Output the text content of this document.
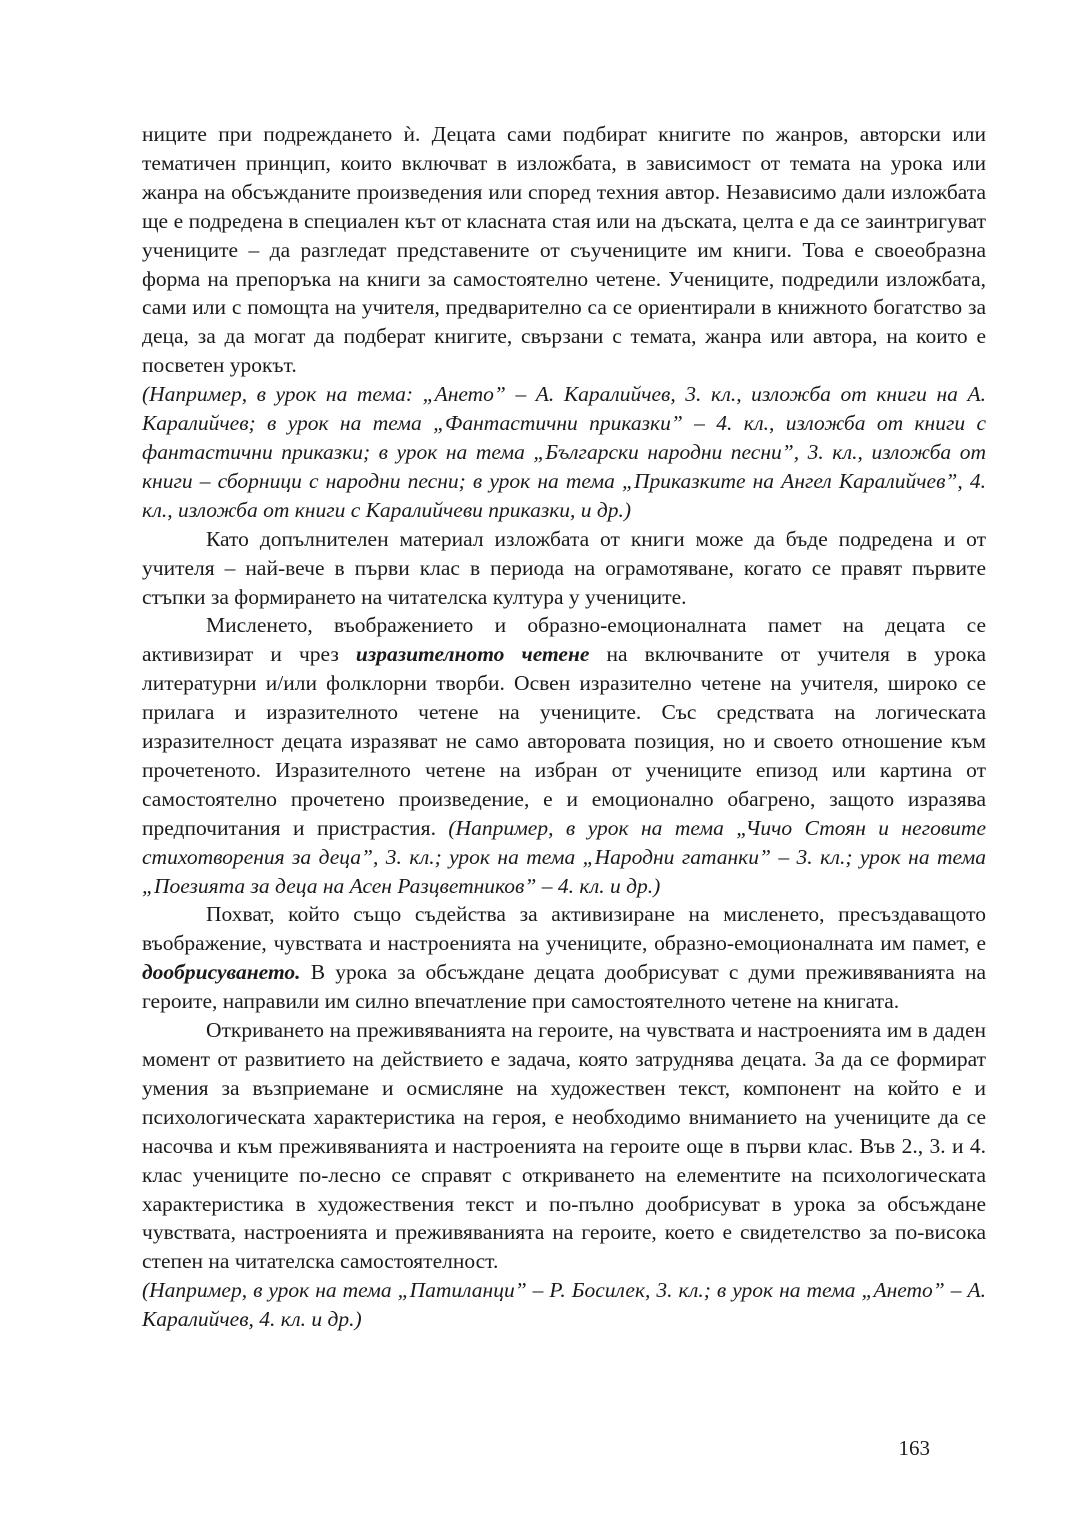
ниците при подреждането ѝ. Децата сами подбират книгите по жанров, авторски или тематичен принцип, които включват в изложбата, в зависимост от темата на урока или жанра на обсъжданите произведения или според техния автор. Независимо дали изложбата ще е подредена в специален кът от класната стая или на дъската, целта е да се заинтригуват учениците – да разгледат представените от съучениците им книги. Това е своеобразна форма на препоръка на книги за самостоятелно четене. Учениците, подредили изложбата, сами или с помощта на учителя, предварително са се ориентирали в книжното богатство за деца, за да могат да подберат книгите, свързани с темата, жанра или автора, на които е посветен урокът.
(Например, в урок на тема: „Ането” – А. Каралийчев, 3. кл., изложба от книги на А. Каралийчев; в урок на тема „Фантастични приказки” – 4. кл., изложба от книги с фантастични приказки; в урок на тема „Български народни песни”, 3. кл., изложба от книги – сборници с народни песни; в урок на тема „Приказките на Ангел Каралийчев”, 4. кл., изложба от книги с Каралийчеви приказки, и др.)

Като допълнителен материал изложбата от книги може да бъде подредена и от учителя – най-вече в първи клас в периода на ограмотяване, когато се правят първите стъпки за формирането на читателска култура у учениците.

Мисленето, въображението и образно-емоционалната памет на децата се активизират и чрез изразителното четене на включваните от учителя в урока литературни и/или фолклорни творби. Освен изразително четене на учителя, широко се прилага и изразителното четене на учениците. Със средствата на логическата изразителност децата изразяват не само авторовата позиция, но и своето отношение към прочетеното. Изразителното четене на избран от учениците епизод или картина от самостоятелно прочетено произведение, е и емоционално обагрено, защото изразява предпочитания и пристрастия. (Например, в урок на тема „Чичо Стоян и неговите стихотворения за деца”, 3. кл.; урок на тема „Народни гатанки” – 3. кл.; урок на тема „Поезията за деца на Асен Разцветников” – 4. кл. и др.)

Похват, който също съдейства за активизиране на мисленето, пресъздаващото въображение, чувствата и настроенията на учениците, образно-емоционалната им памет, е дообрисуването. В урока за обсъждане децата дообрисуват с думи преживяванията на героите, направили им силно впечатление при самостоятелното четене на книгата.

Откриването на преживяванията на героите, на чувствата и настроенията им в даден момент от развитието на действието е задача, която затруднява децата. За да се формират умения за възприемане и осмисляне на художествен текст, компонент на който е и психологическата характеристика на героя, е необходимо вниманието на учениците да се насочва и към преживяванията и настроенията на героите още в първи клас. Във 2., 3. и 4. клас учениците по-лесно се справят с откриването на елементите на психологическата характеристика в художествения текст и по-пълно дообрисуват в урока за обсъждане чувствата, настроенията и преживяванията на героите, което е свидетелство за по-висока степен на читателска самостоятелност.
(Например, в урок на тема „Патиланци” – Р. Босилек, 3. кл.; в урок на тема „Ането” – А. Каралийчев, 4. кл. и др.)

163
